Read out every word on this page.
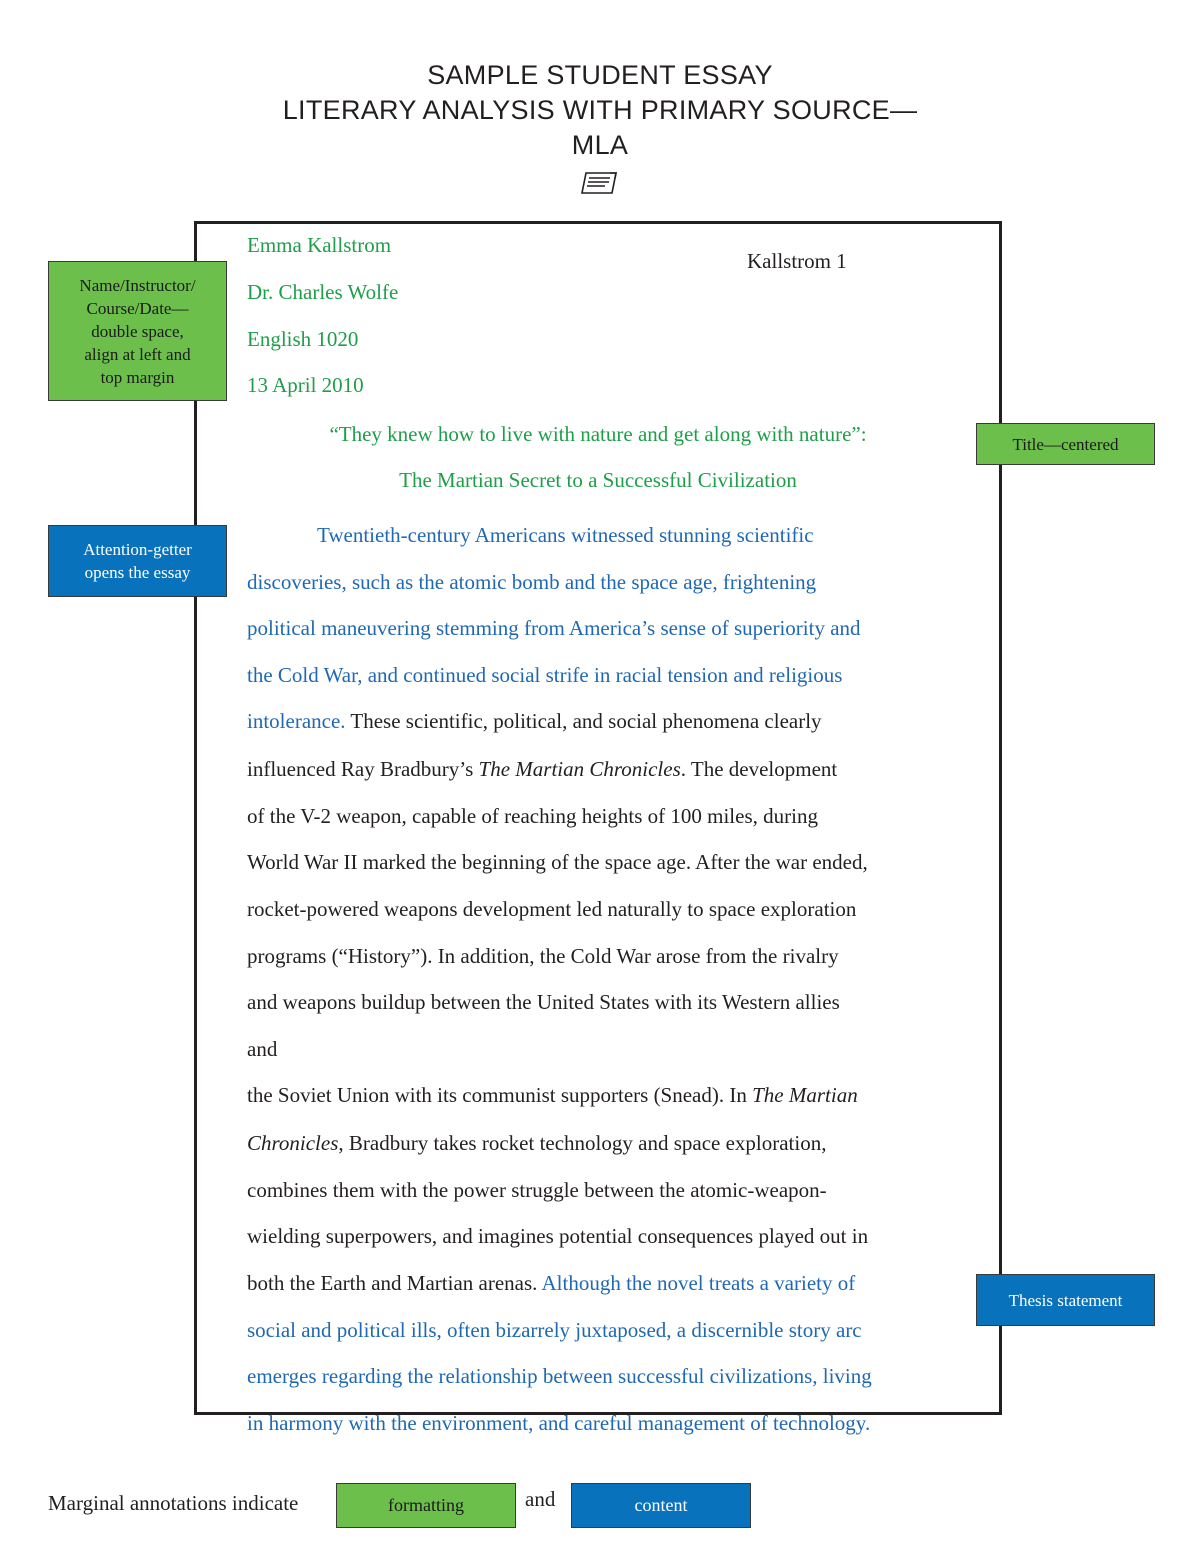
SAMPLE STUDENT ESSAY
LITERARY ANALYSIS WITH PRIMARY SOURCE—
MLA
Kallstrom 1
Emma Kallstrom
Dr. Charles Wolfe
English 1020
13 April 2010
“They knew how to live with nature and get along with nature”:
The Martian Secret to a Successful Civilization
Twentieth-century Americans witnessed stunning scientific
discoveries, such as the atomic bomb and the space age, frightening
political maneuvering stemming from America’s sense of superiority and
the Cold War, and continued social strife in racial tension and religious
intolerance. These scientific, political, and social phenomena clearly
influenced Ray Bradbury’s The Martian Chronicles. The development
of the V-2 weapon, capable of reaching heights of 100 miles, during
World War II marked the beginning of the space age. After the war ended,
rocket-powered weapons development led naturally to space exploration
programs (“History”). In addition, the Cold War arose from the rivalry
and weapons buildup between the United States with its Western allies
and
the Soviet Union with its communist supporters (Snead). In The Martian
Chronicles, Bradbury takes rocket technology and space exploration,
combines them with the power struggle between the atomic-weapon-
wielding superpowers, and imagines potential consequences played out in
both the Earth and Martian arenas. Although the novel treats a variety of
social and political ills, often bizarrely juxtaposed, a discernible story arc
emerges regarding the relationship between successful civilizations, living
in harmony with the environment, and careful management of technology.
Name/Instructor/
Course/Date—
double space,
align at left and
top margin
Title—centered
Attention-getter
opens the essay
Thesis statement
Marginal annotations indicate	formatting	and	content
